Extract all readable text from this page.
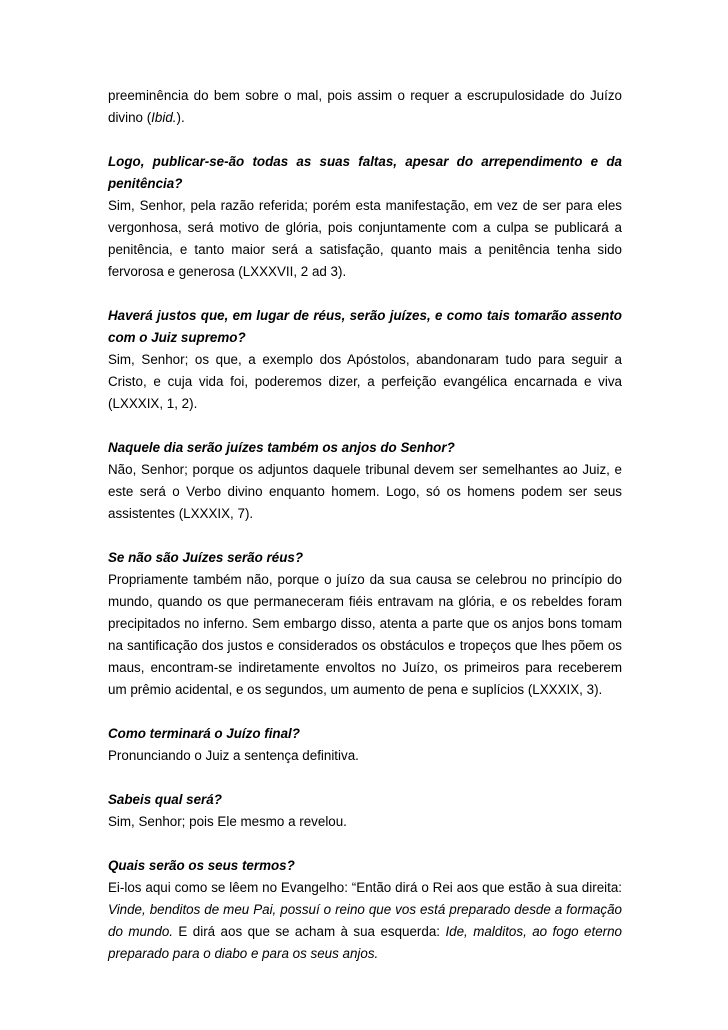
preeminência do bem sobre o mal, pois assim o requer a escrupulosidade do Juízo divino (Ibid.).

Logo, publicar-se-ão todas as suas faltas, apesar do arrependimento e da penitência?

Sim, Senhor, pela razão referida; porém esta manifestação, em vez de ser para eles vergonhosa, será motivo de glória, pois conjuntamente com a culpa se publicará a penitência, e tanto maior será a satisfação, quanto mais a penitência tenha sido fervorosa e generosa (LXXXVII, 2 ad 3).

Haverá justos que, em lugar de réus, serão juízes, e como tais tomarão assento com o Juiz supremo?

Sim, Senhor; os que, a exemplo dos Apóstolos, abandonaram tudo para seguir a Cristo, e cuja vida foi, poderemos dizer, a perfeição evangélica encarnada e viva (LXXXIX, 1, 2).

Naquele dia serão juízes também os anjos do Senhor?

Não, Senhor; porque os adjuntos daquele tribunal devem ser semelhantes ao Juiz, e este será o Verbo divino enquanto homem. Logo, só os homens podem ser seus assistentes (LXXXIX, 7).

Se não são Juízes serão réus?

Propriamente também não, porque o juízo da sua causa se celebrou no princípio do mundo, quando os que permaneceram fiéis entravam na glória, e os rebeldes foram precipitados no inferno. Sem embargo disso, atenta a parte que os anjos bons tomam na santificação dos justos e considerados os obstáculos e tropeços que lhes põem os maus, encontram-se indiretamente envoltos no Juízo, os primeiros para receberem um prêmio acidental, e os segundos, um aumento de pena e suplícios (LXXXIX, 3).

Como terminará o Juízo final?

Pronunciando o Juiz a sentença definitiva.

Sabeis qual será?

Sim, Senhor; pois Ele mesmo a revelou.

Quais serão os seus termos?

Ei-los aqui como se lêem no Evangelho: “Então dirá o Rei aos que estão à sua direita: Vinde, benditos de meu Pai, possuí o reino que vos está preparado desde a formação do mundo. E dirá aos que se acham à sua esquerda: Ide, malditos, ao fogo eterno preparado para o diabo e para os seus anjos.
